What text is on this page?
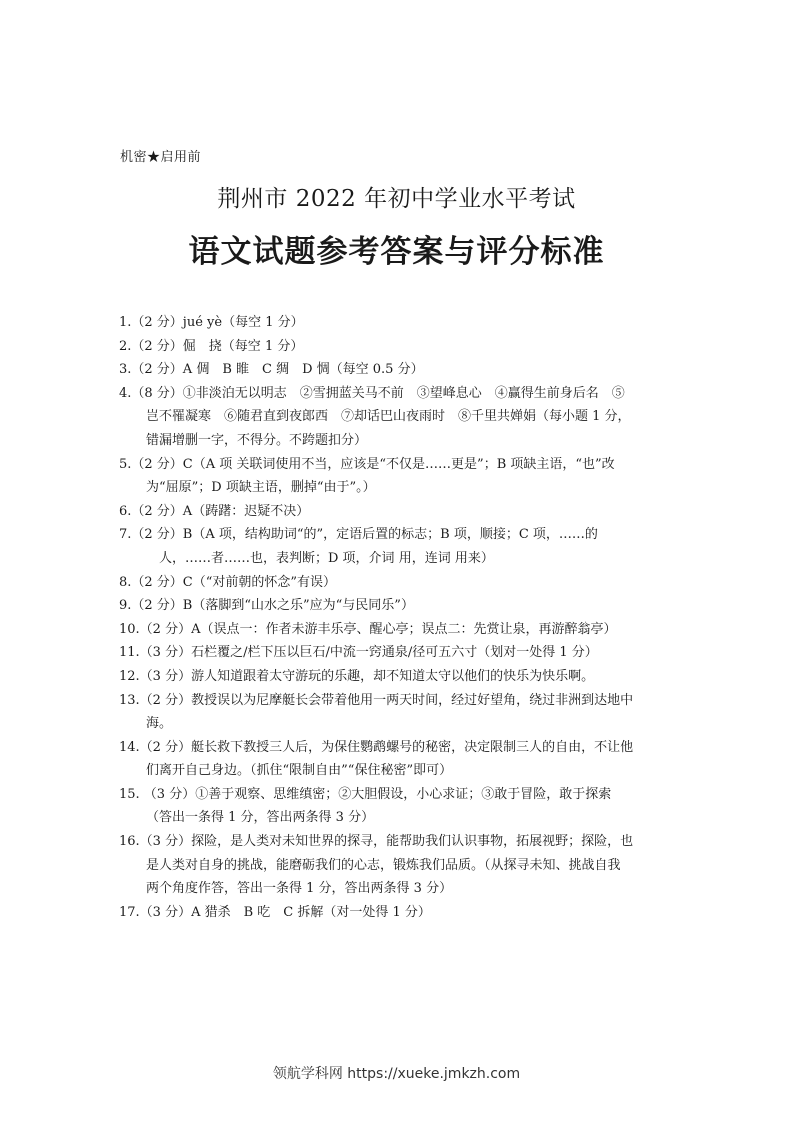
机密★启用前
荆州市 2022 年初中学业水平考试
语文试题参考答案与评分标准
1.（2 分）jué yè（每空 1 分）
2.（2 分）倔　挠（每空 1 分）
3.（2 分）A 倜　B 睢　C 绸　D 惆（每空 0.5 分）
4.（8 分）①非淡泊无以明志　②雪拥蓝关马不前　③望峰息心　④赢得生前身后名　⑤
岂不罹凝寒　⑥随君直到夜郎西　⑦却话巴山夜雨时　⑧千里共婵娟（每小题 1 分，
错漏增删一字，不得分。不跨题扣分）
5.（2 分）C（A 项 关联词使用不当，应该是“不仅是……更是”；B 项缺主语，“也”改
为“屈原”；D 项缺主语，删掉“由于”。）
6.（2 分）A（踌躇：迟疑不决）
7.（2 分）B（A 项，结构助词“的”，定语后置的标志；B 项，顺接；C 项，……的
人，……者……也，表判断；D 项，介词 用，连词 用来）
8.（2 分）C（“对前朝的怀念”有误）
9.（2 分）B（落脚到“山水之乐”应为“与民同乐”）
10.（2 分）A（误点一：作者未游丰乐亭、醒心亭；误点二：先赏让泉，再游醉翁亭）
11.（3 分）石栏覆之/栏下压以巨石/中流一窍通泉/径可五六寸（划对一处得 1 分）
12.（3 分）游人知道跟着太守游玩的乐趣，却不知道太守以他们的快乐为快乐啊。
13.（2 分）教授误以为尼摩艇长会带着他用一两天时间，经过好望角，绕过非洲到达地中
海。
14.（2 分）艇长救下教授三人后，为保住鹦鹉螺号的秘密，决定限制三人的自由，不让他
们离开自己身边。（抓住“限制自由”“保住秘密”即可）
15. （3 分）①善于观察、思维缜密；②大胆假设，小心求证；③敢于冒险，敢于探索
（答出一条得 1 分，答出两条得 3 分）
16.（3 分）探险，是人类对未知世界的探寻，能帮助我们认识事物，拓展视野；探险，也
是人类对自身的挑战，能磨砺我们的心志，锻炼我们品质。（从探寻未知、挑战自我
两个角度作答，答出一条得 1 分，答出两条得 3 分）
17.（3 分）A 猎杀　B 吃　C 拆解（对一处得 1 分）
领航学科网 https://xueke.jmkzh.com
